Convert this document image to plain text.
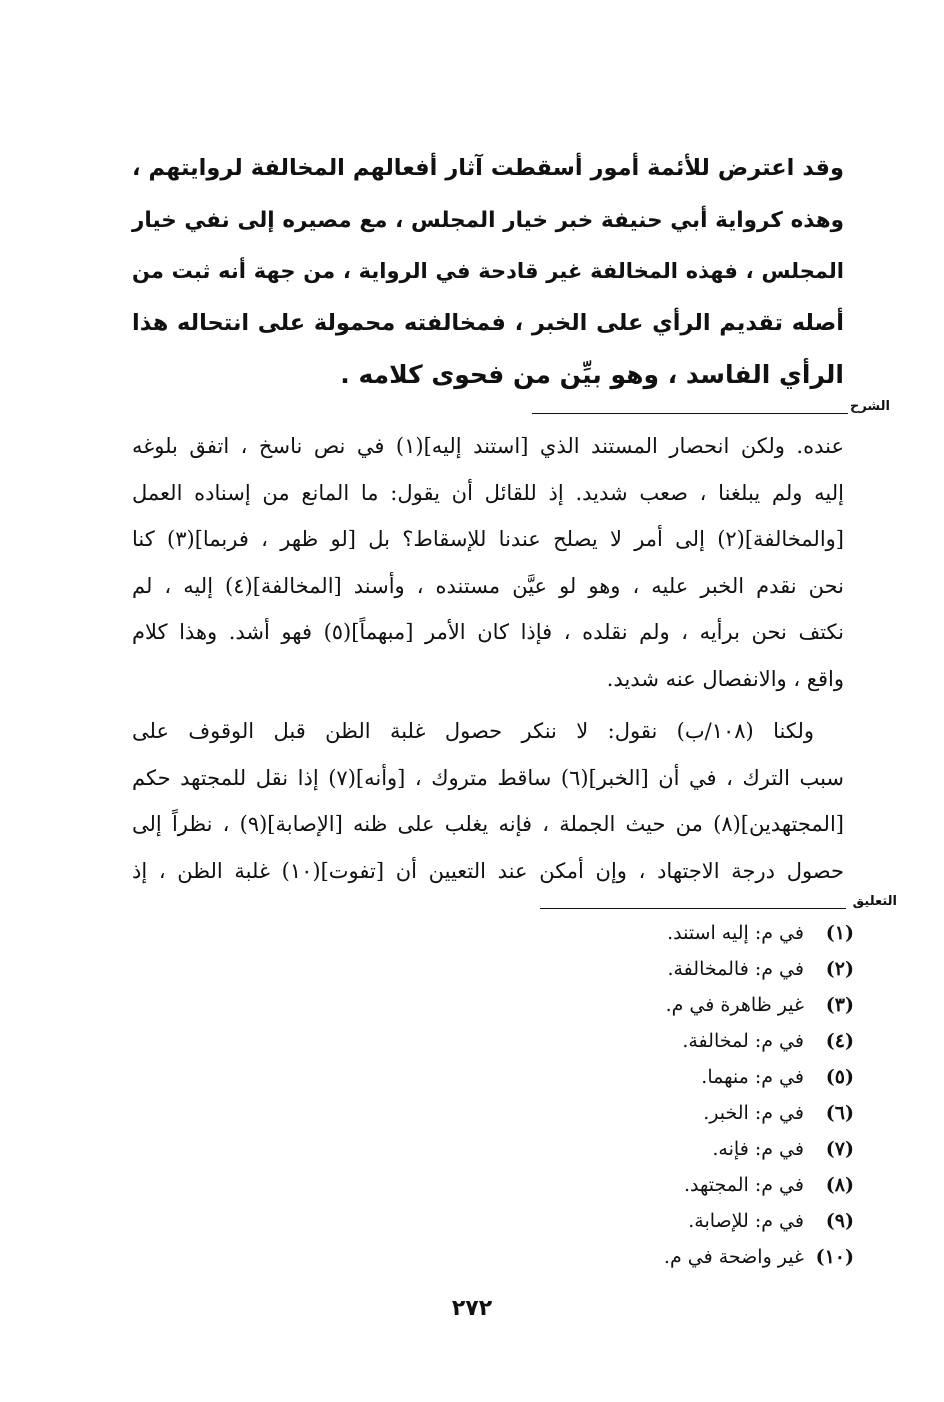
وقد اعترض للأئمة أمور أسقطت آثار أفعالهم المخالفة لروايتهم ،
وهذه كرواية أبي حنيفة خبر خيار المجلس ، مع مصيره إلى نفي خيار
المجلس ، فهذه المخالفة غير قادحة في الرواية ، من جهة أنه ثبت من
أصله تقديم الرأي على الخبر ، فمخالفته محمولة على انتحاله هذا
الرأي الفاسد ، وهو بيِّن من فحوى كلامه .
الشرح
عنده. ولكن انحصار المستند الذي [استند إليه](١) في نص ناسخ ، اتفق بلوغه
إليه ولم يبلغنا ، صعب شديد. إذ للقائل أن يقول: ما المانع من إسناده العمل
[والمخالفة](٢) إلى أمر لا يصلح عندنا للإسقاط؟ بل [لو ظهر ، فربما](٣) كنا
نحن نقدم الخبر عليه ، وهو لو عيَّن مستنده ، وأسند [المخالفة](٤) إليه ، لم
نكتف نحن برأيه ، ولم نقلده ، فإذا كان الأمر [مبهماً](٥) فهو أشد. وهذا كلام
واقع ، والانفصال عنه شديد.
ولكنا (١٠٨/ب) نقول: لا ننكر حصول غلبة الظن قبل الوقوف على
سبب الترك ، في أن [الخبر](٦) ساقط متروك ، [وأنه](٧) إذا نقل للمجتهد حكم
[المجتهدين](٨) من حيث الجملة ، فإنه يغلب على ظنه [الإصابة](٩) ، نظراً إلى
حصول درجة الاجتهاد ، وإن أمكن عند التعيين أن [تفوت](١٠) غلبة الظن ، إذ
التعليق
(١) في م: إليه استند.
(٢) في م: فالمخالفة.
(٣) غير ظاهرة في م.
(٤) في م: لمخالفة.
(٥) في م: منهما.
(٦) في م: الخبر.
(٧) في م: فإنه.
(٨) في م: المجتهد.
(٩) في م: للإصابة.
(١٠) غير واضحة في م.
٢٧٢
